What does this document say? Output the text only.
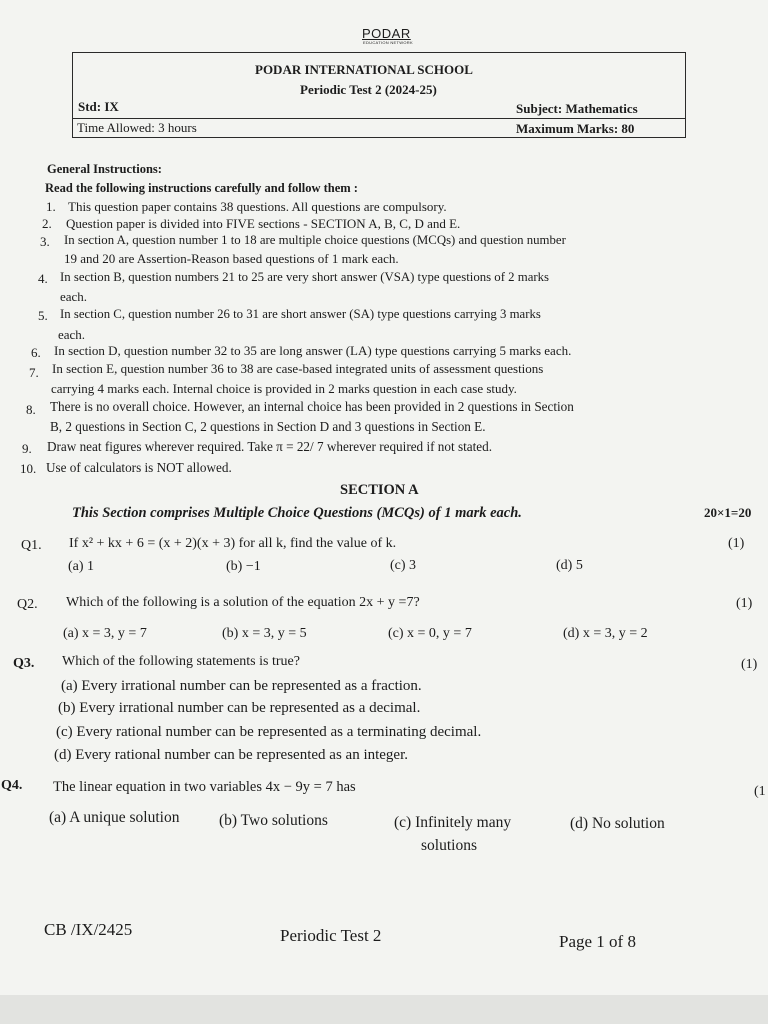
PODAR
EDUCATION NETWORK
PODAR INTERNATIONAL SCHOOL
Periodic Test 2 (2024-25)
Std: IX	Subject: Mathematics
Time Allowed: 3 hours	Maximum Marks: 80
General Instructions:
Read the following instructions carefully and follow them :
1. This question paper contains 38 questions. All questions are compulsory.
2. Question paper is divided into FIVE sections - SECTION A, B, C, D and E.
3. In section A, question number 1 to 18 are multiple choice questions (MCQs) and question number
19 and 20 are Assertion-Reason based questions of 1 mark each.
4. In section B, question numbers 21 to 25 are very short answer (VSA) type questions of 2 marks
each.
5. In section C, question number 26 to 31 are short answer (SA) type questions carrying 3 marks
each.
6. In section D, question number 32 to 35 are long answer (LA) type questions carrying 5 marks each.
7. In section E, question number 36 to 38 are case-based integrated units of assessment questions
carrying 4 marks each. Internal choice is provided in 2 marks question in each case study.
8. There is no overall choice. However, an internal choice has been provided in 2 questions in Section
B, 2 questions in Section C, 2 questions in Section D and 3 questions in Section E.
9. Draw neat figures wherever required. Take π = 22/ 7 wherever required if not stated.
10. Use of calculators is NOT allowed.
SECTION A
This Section comprises Multiple Choice Questions (MCQs) of 1 mark each.	20×1=20
Q1. If x² + kx + 6 = (x + 2)(x + 3) for all k, find the value of k.	(1)
(a) 1	(b) −1	(c) 3	(d) 5
Q2. Which of the following is a solution of the equation 2x + y =7?	(1)
(a) x = 3, y = 7	(b) x = 3, y = 5	(c) x = 0, y = 7	(d) x = 3, y = 2
Q3. Which of the following statements is true?	(1)
(a) Every irrational number can be represented as a fraction.
(b) Every irrational number can be represented as a decimal.
(c) Every rational number can be represented as a terminating decimal.
(d) Every rational number can be represented as an integer.
Q4. The linear equation in two variables 4x − 9y = 7 has	(1
(a) A unique solution	(b) Two solutions	(c) Infinitely many
solutions
(d) No solution
CB /IX/2425	Periodic Test 2	Page 1 of 8
